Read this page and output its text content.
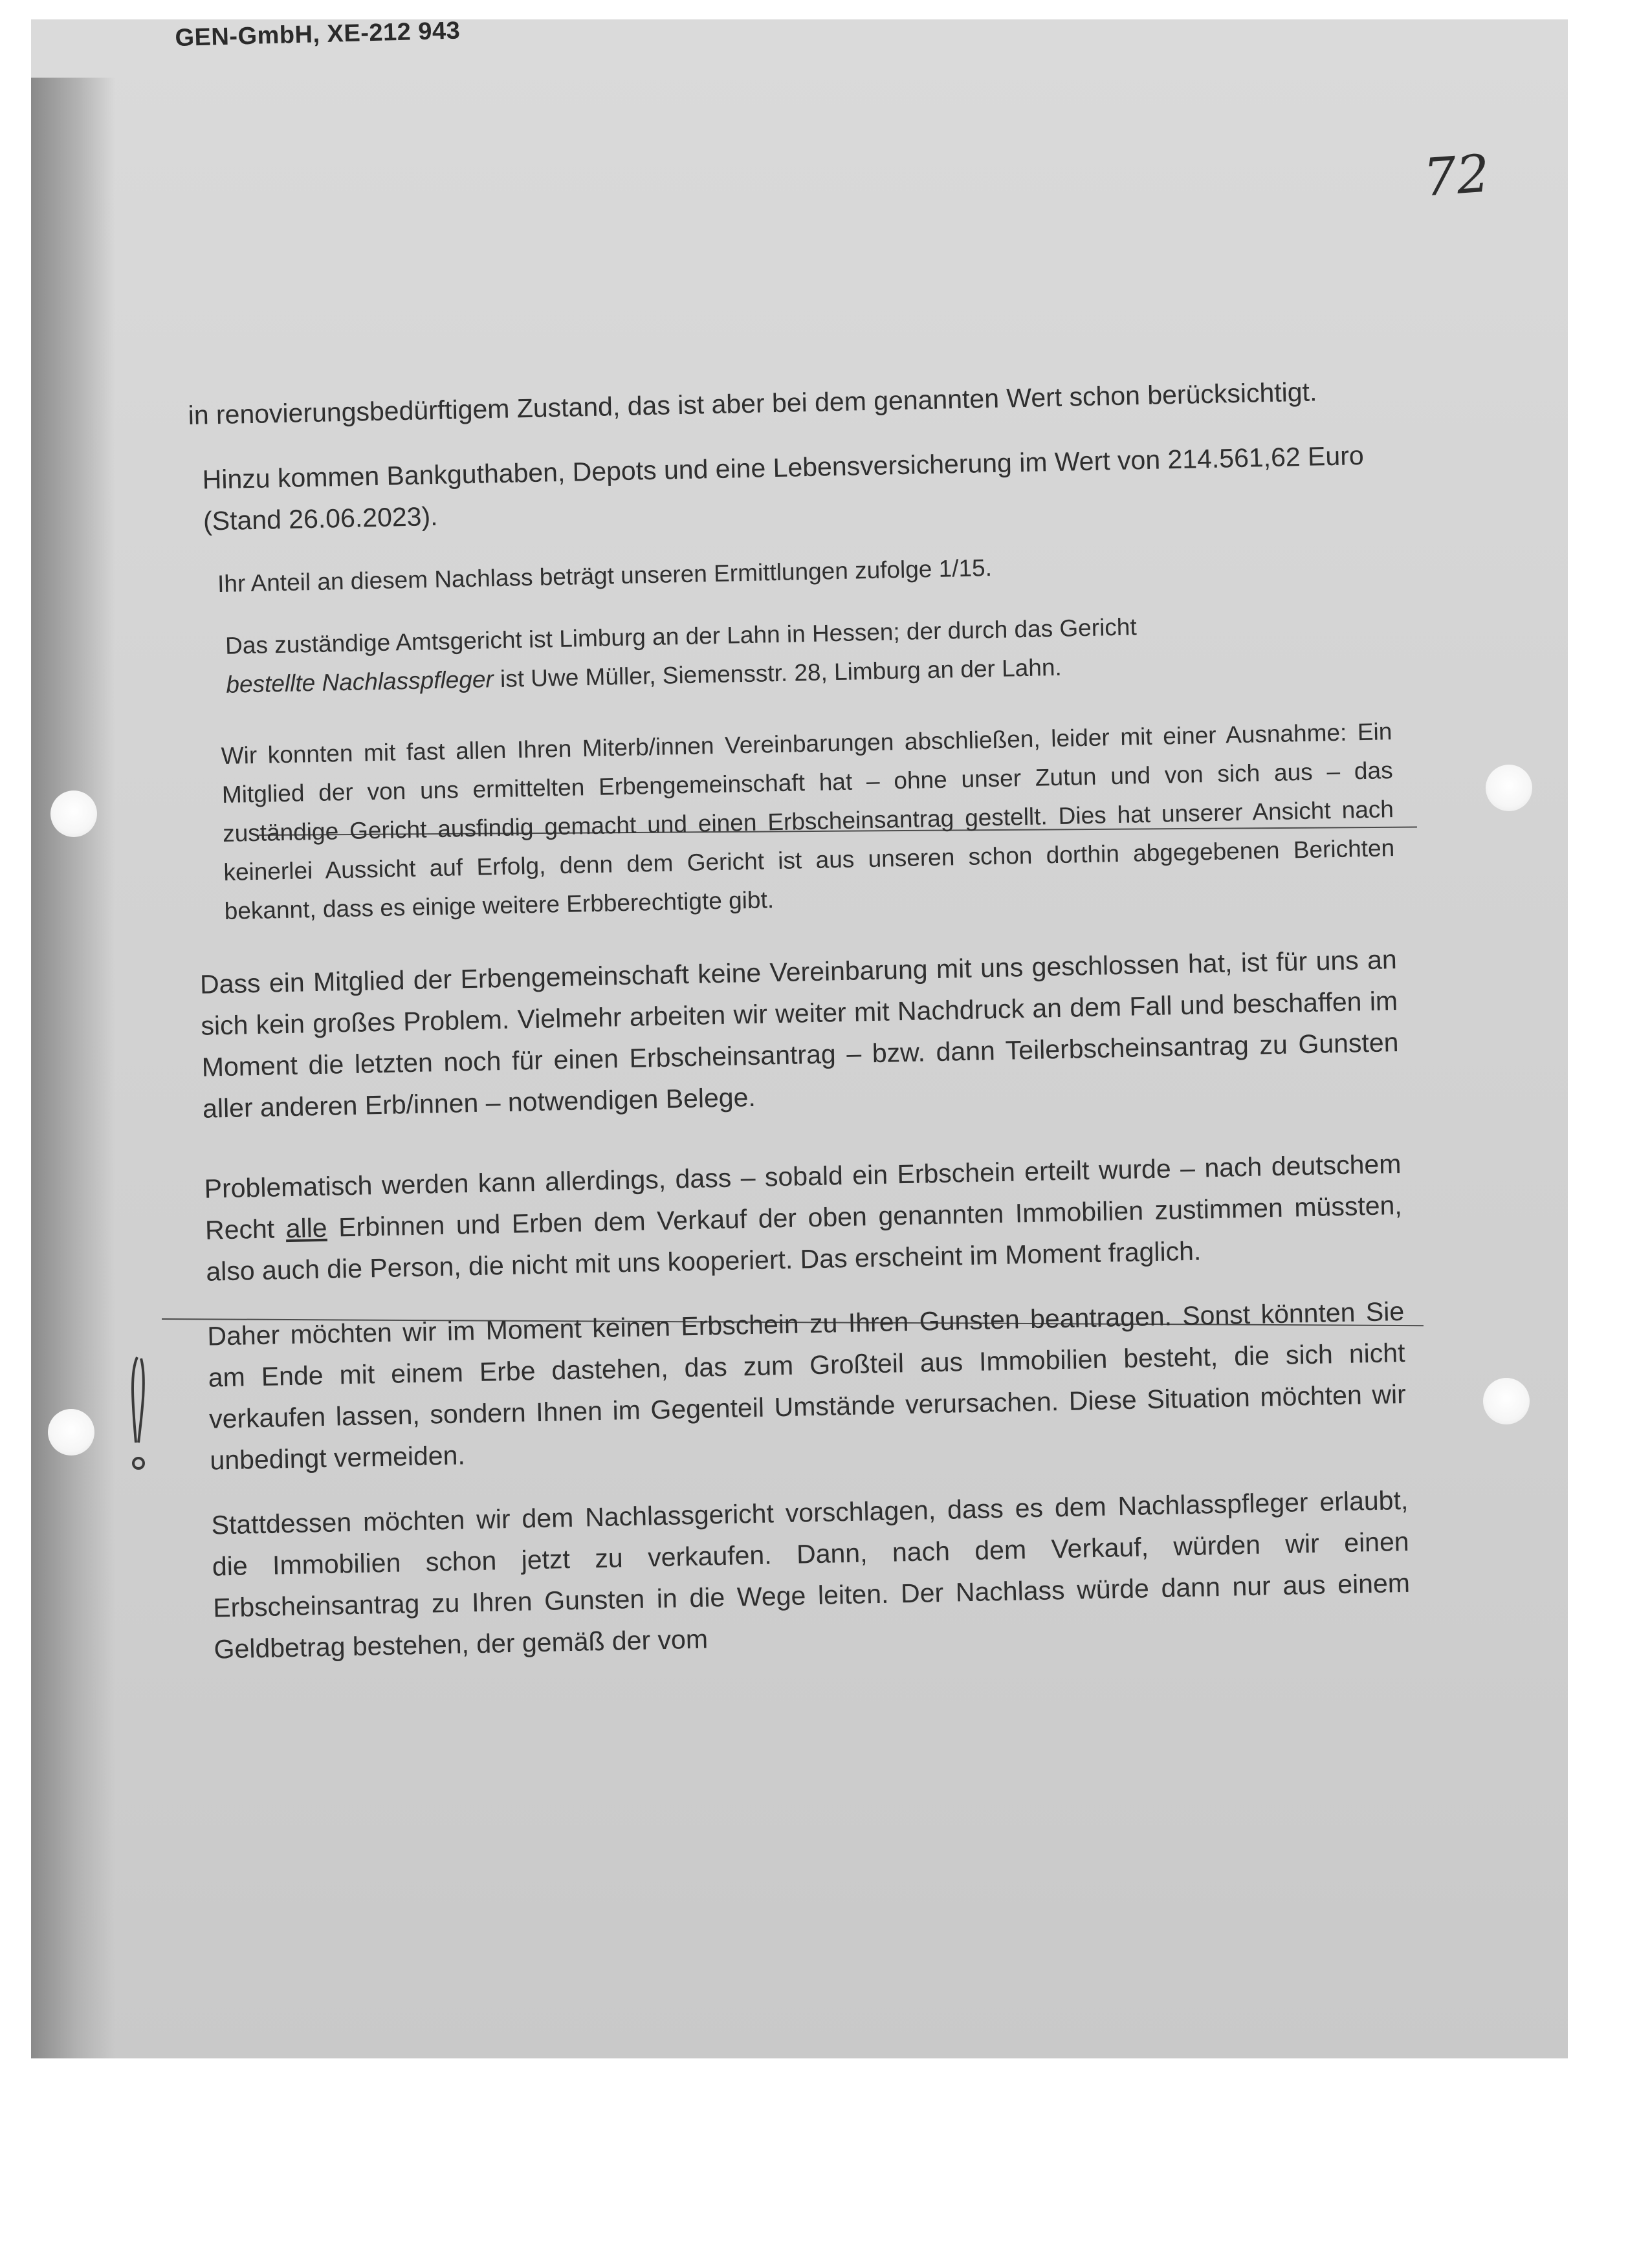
GEN-GmbH, XE-212 943
72

in renovierungsbedürftigem Zustand, das ist aber bei dem genannten Wert schon berücksichtigt.

Hinzu kommen Bankguthaben, Depots und eine Lebensversicherung im Wert von 214.561,62 Euro (Stand 26.06.2023).

Ihr Anteil an diesem Nachlass beträgt unseren Ermittlungen zufolge 1/15.

Das zuständige Amtsgericht ist Limburg an der Lahn in Hessen; der durch das Gericht
bestellte Nachlasspfleger ist Uwe Müller, Siemensstr. 28, Limburg an der Lahn.

Wir konnten mit fast allen Ihren Miterb/innen Vereinbarungen abschließen, leider mit einer Ausnahme: Ein Mitglied der von uns ermittelten Erbengemeinschaft hat – ohne unser Zutun und von sich aus – das zuständige Gericht ausfindig gemacht und einen Erbscheinsantrag gestellt. Dies hat unserer Ansicht nach keinerlei Aussicht auf Erfolg, denn dem Gericht ist aus unseren schon dorthin abgegebenen Berichten bekannt, dass es einige weitere Erbberechtigte gibt.

Dass ein Mitglied der Erbengemeinschaft keine Vereinbarung mit uns geschlossen hat, ist für uns an sich kein großes Problem. Vielmehr arbeiten wir weiter mit Nachdruck an dem Fall und beschaffen im Moment die letzten noch für einen Erbscheinsantrag – bzw. dann Teilerbscheinsantrag zu Gunsten aller anderen Erb/innen – notwendigen Belege.

Problematisch werden kann allerdings, dass – sobald ein Erbschein erteilt wurde – nach deutschem Recht alle Erbinnen und Erben dem Verkauf der oben genannten Immobilien zustimmen müssten, also auch die Person, die nicht mit uns kooperiert. Das erscheint im Moment fraglich.

Daher möchten wir im Moment keinen Erbschein zu Ihren Gunsten beantragen. Sonst könnten Sie am Ende mit einem Erbe dastehen, das zum Großteil aus Immobilien besteht, die sich nicht verkaufen lassen, sondern Ihnen im Gegenteil Umstände verursachen. Diese Situation möchten wir unbedingt vermeiden.

Stattdessen möchten wir dem Nachlassgericht vorschlagen, dass es dem Nachlasspfleger erlaubt, die Immobilien schon jetzt zu verkaufen. Dann, nach dem Verkauf, würden wir einen Erbscheinsantrag zu Ihren Gunsten in die Wege leiten. Der Nachlass würde dann nur aus einem Geldbetrag bestehen, der gemäß der vom
